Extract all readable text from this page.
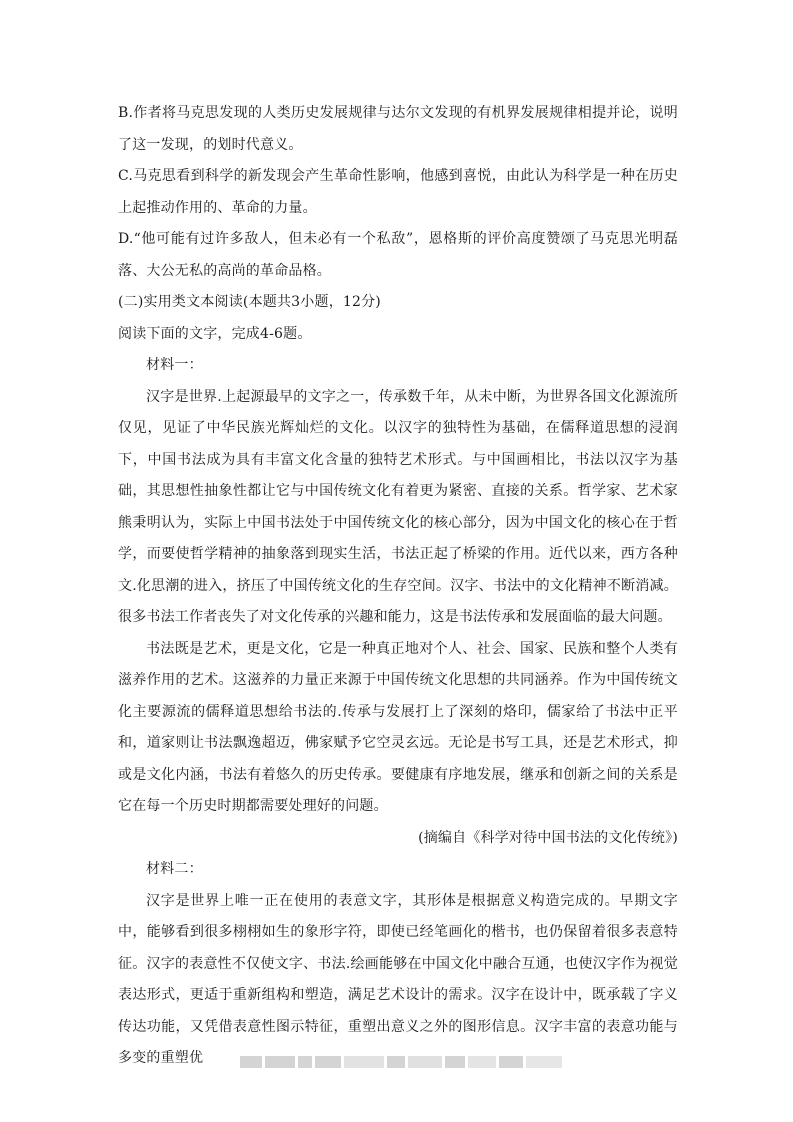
B.作者将马克思发现的人类历史发展规律与达尔文发现的有机界发展规律相提并论，说明了这一发现，的划时代意义。

C.马克思看到科学的新发现会产生革命性影响，他感到喜悦，由此认为科学是一种在历史上起推动作用的、革命的力量。

D.“他可能有过许多敌人，但未必有一个私敌”，恩格斯的评价高度赞颂了马克思光明磊落、大公无私的高尚的革命品格。

(二)实用类文本阅读(本题共3小题，12分)

阅读下面的文字，完成4-6题。

材料一：

汉字是世界.上起源最早的文字之一，传承数千年，从未中断，为世界各国文化源流所仅见，见证了中华民族光辉灿烂的文化。以汉字的独特性为基础，在儒释道思想的浸润下，中国书法成为具有丰富文化含量的独特艺术形式。与中国画相比，书法以汉字为基础，其思想性抽象性都让它与中国传统文化有着更为紧密、直接的关系。哲学家、艺术家熊秉明认为，实际上中国书法处于中国传统文化的核心部分，因为中国文化的核心在于哲学，而要使哲学精神的抽象落到现实生活，书法正起了桥梁的作用。近代以来，西方各种文.化思潮的进入，挤压了中国传统文化的生存空间。汉字、书法中的文化精神不断消减。很多书法工作者丧失了对文化传承的兴趣和能力，这是书法传承和发展面临的最大问题。

书法既是艺术，更是文化，它是一种真正地对个人、社会、国家、民族和整个人类有滋养作用的艺术。这滋养的力量正来源于中国传统文化思想的共同涵养。作为中国传统文化主要源流的儒释道思想给书法的.传承与发展打上了深刻的烙印，儒家给了书法中正平和，道家则让书法飘逸超迈，佛家赋予它空灵玄远。无论是书写工具，还是艺术形式，抑或是文化内涵，书法有着悠久的历史传承。要健康有序地发展，继承和创新之间的关系是它在每一个历史时期都需要处理好的问题。

(摘编自《科学对待中国书法的文化传统》)

材料二：

汉字是世界上唯一正在使用的表意文字，其形体是根据意义构造完成的。早期文字中，能够看到很多栩栩如生的象形字符，即使已经笔画化的楷书，也仍保留着很多表意特征。汉字的表意性不仅使文字、书法.绘画能够在中国文化中融合互通，也使汉字作为视觉表达形式，更适于重新组构和塑造，满足艺术设计的需求。汉字在设计中，既承载了字义传达功能，又凭借表意性图示特征，重塑出意义之外的图形信息。汉字丰富的表意功能与多变的重塑优
